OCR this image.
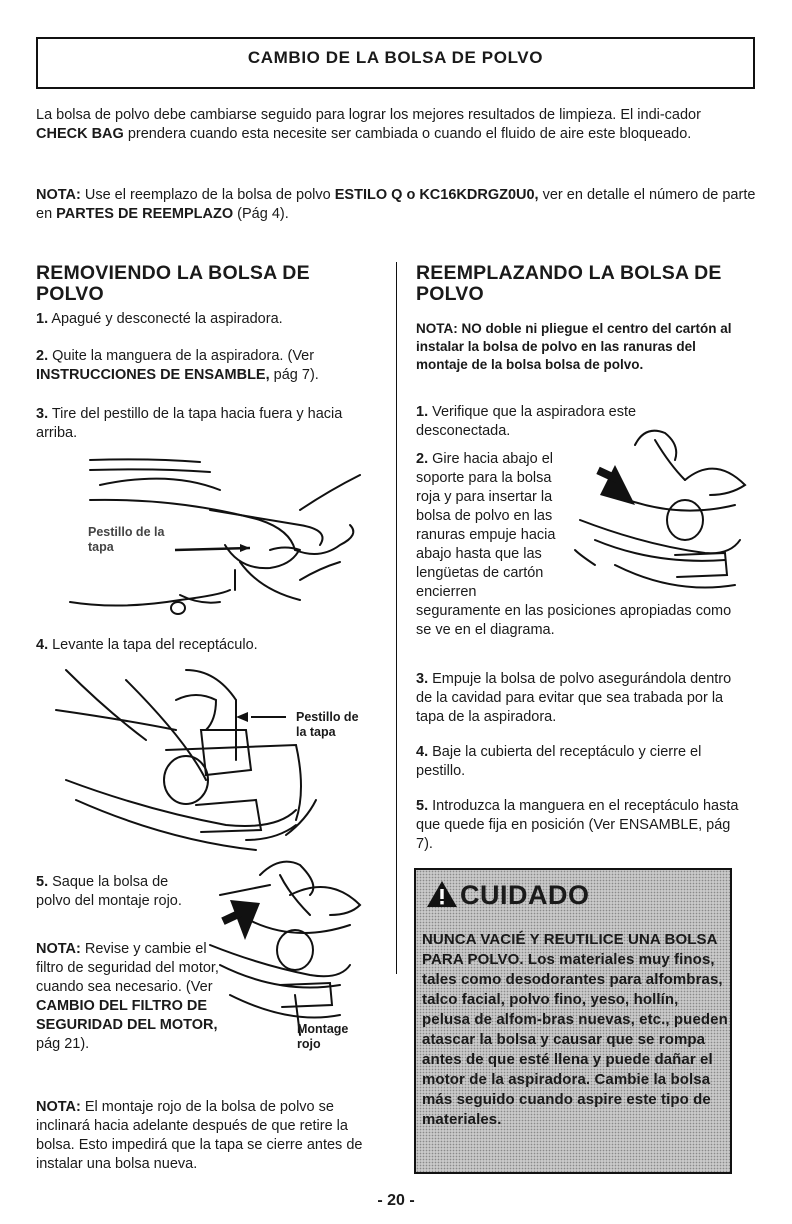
CAMBIO DE LA BOLSA DE POLVO

La bolsa de polvo debe cambiarse seguido para lograr los mejores resultados de limpieza. El indi-cador CHECK BAG prendera cuando esta necesite ser cambiada o cuando el fluido de aire este bloqueado.

NOTA: Use el reemplazo de la bolsa de polvo ESTILO Q o KC16KDRGZ0U0, ver en detalle el número de parte en PARTES DE REEMPLAZO (Pág 4).

REMOVIENDO LA BOLSA DE POLVO

1. Apagué y desconecté la aspiradora.

2. Quite la manguera de la aspiradora. (Ver INSTRUCCIONES DE ENSAMBLE, pág 7).

3. Tire del pestillo de la tapa hacia fuera y hacia arriba.

Pestillo de la tapa

4. Levante la tapa del receptáculo.

Pestillo de la tapa

5. Saque la bolsa de polvo del montaje rojo.

NOTA: Revise y cambie el filtro de seguridad del motor, cuando sea necesario. (Ver CAMBIO DEL FILTRO DE SEGURIDAD DEL MOTOR, pág 21).

Montage rojo

NOTA: El montaje rojo de la bolsa de polvo se inclinará hacia adelante después de que retire la bolsa. Esto impedirá que la tapa se cierre antes de instalar una bolsa nueva.

REEMPLAZANDO LA BOLSA DE POLVO

NOTA: NO doble ni pliegue el centro del cartón al instalar la bolsa de polvo en las ranuras del montaje de la bolsa bolsa de polvo.

1. Verifique que la aspiradora este desconectada.

2. Gire hacia abajo el soporte para la bolsa roja y para insertar la bolsa de polvo en las ranuras empuje hacia abajo hasta que las lengüetas de cartón encierren

seguramente en las posiciones apropiadas como se ve en el diagrama.

3. Empuje la bolsa de polvo asegurándola dentro de la cavidad para evitar que sea trabada por la tapa de la aspiradora.

4. Baje la cubierta del receptáculo y cierre el pestillo.

5. Introduzca la manguera en el receptáculo hasta que quede fija en posición (Ver ENSAMBLE, pág 7).

CUIDADO

NUNCA VACIÉ Y REUTILICE UNA BOLSA PARA POLVO. Los materiales muy finos, tales como desodorantes para alfombras, talco facial, polvo fino, yeso, hollín, pelusa de alfom-bras nuevas, etc., pueden atascar la bolsa y causar que se rompa antes de que esté llena y puede dañar el motor de la aspiradora. Cambie la bolsa más seguido cuando aspire este tipo de materiales.

- 20 -
